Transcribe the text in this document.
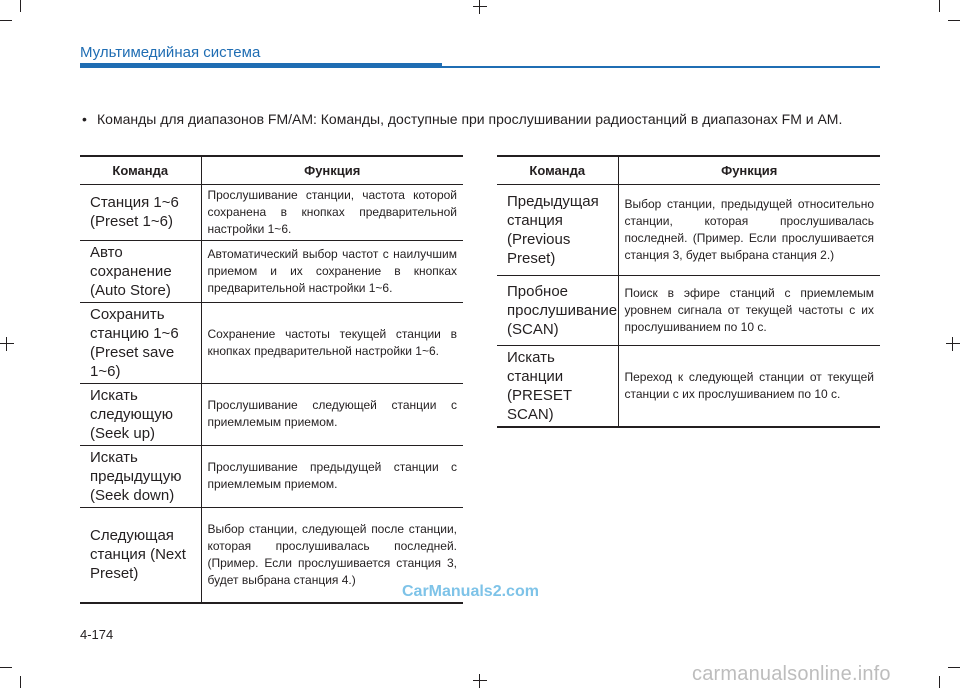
Мультимедийная система
• Команды для диапазонов FM/AM: Команды, доступные при прослушивании радиостанций в диапазонах FM и AM.
Команда	Функция
Станция 1~6 (Preset 1~6)	Прослушивание станции, частота которой сохранена в кнопках предварительной настройки 1~6.
Авто сохранение (Auto Store)	Автоматический выбор частот с наилучшим приемом и их сохранение в кнопках предварительной настройки 1~6.
Сохранить станцию 1~6 (Preset save 1~6)	Сохранение частоты текущей станции в кнопках предварительной настройки 1~6.
Искать следующую (Seek up)	Прослушивание следующей станции с приемлемым приемом.
Искать предыдущую (Seek down)	Прослушивание предыдущей станции с приемлемым приемом.
Следующая станция (Next Preset)	Выбор станции, следующей после станции, которая прослушивалась последней. (Пример. Если прослушивается станция 3, будет выбрана станция 4.)
Команда	Функция
Предыдущая станция (Previous Preset)	Выбор станции, предыдущей относительно станции, которая прослушивалась последней. (Пример. Если прослушивается станция 3, будет выбрана станция 2.)
Пробное прослушивание (SCAN)	Поиск в эфире станций с приемлемым уровнем сигнала от текущей частоты с их прослушиванием по 10 с.
Искать станции (PRESET SCAN)	Переход к следующей станции от текущей станции с их прослушиванием по 10 с.
CarManuals2.com
4-174
carmanualsonline.info
